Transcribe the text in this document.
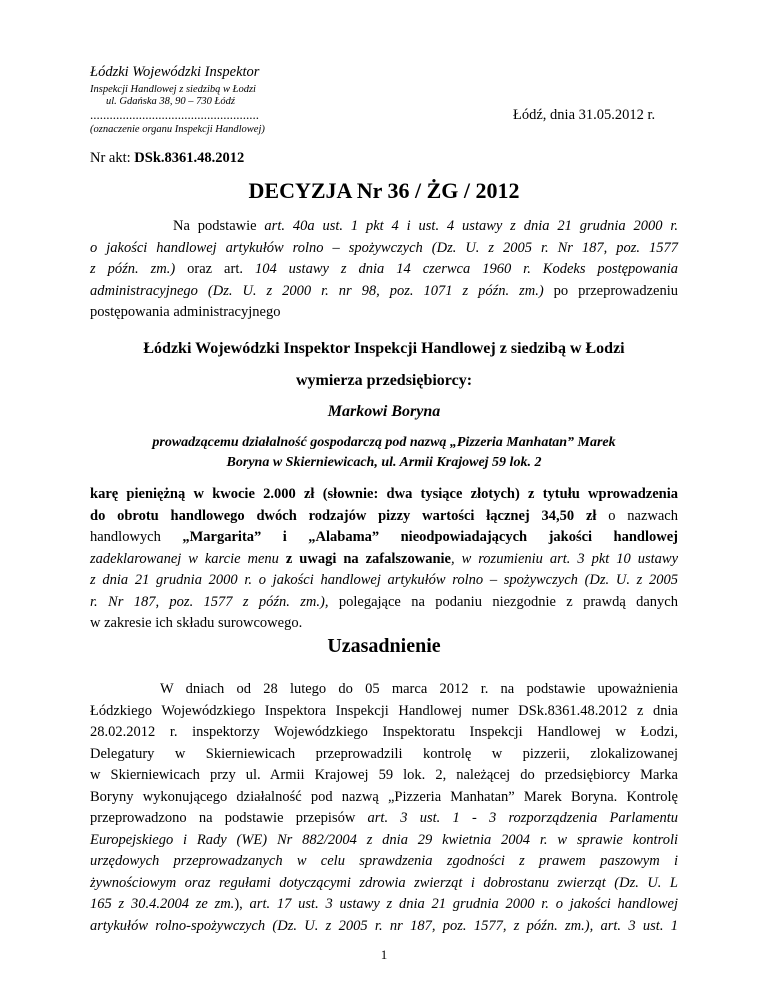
Łódzki Wojewódzki Inspektor
Inspekcji Handlowej z siedzibą w Łodzi
ul. Gdańska 38, 90 – 730 Łódź
....................................................
(oznaczenie organu Inspekcji Handlowej)
Łódź, dnia 31.05.2012 r.
Nr akt: DSk.8361.48.2012
DECYZJA Nr 36 / ŻG / 2012
Na podstawie art. 40a ust. 1 pkt 4 i ust. 4 ustawy z dnia 21 grudnia 2000 r.
o jakości handlowej artykułów rolno – spożywczych (Dz. U. z 2005 r. Nr 187, poz. 1577
z późn. zm.) oraz art. 104 ustawy z dnia 14 czerwca 1960 r. Kodeks postępowania
administracyjnego (Dz. U. z 2000 r. nr 98, poz. 1071 z późn. zm.) po przeprowadzeniu
postępowania administracyjnego
Łódzki Wojewódzki Inspektor Inspekcji Handlowej z siedzibą w Łodzi
wymierza przedsiębiorcy:
Markowi Boryna
prowadzącemu działalność gospodarczą pod nazwą „Pizzeria Manhatan” Marek
Boryna w Skierniewicach, ul. Armii Krajowej 59 lok. 2
karę pieniężną w kwocie 2.000 zł (słownie: dwa tysiące złotych) z tytułu wprowadzenia
do obrotu handlowego dwóch rodzajów pizzy wartości łącznej 34,50 zł o nazwach
handlowych „Margarita” i „Alabama” nieodpowiadających jakości handlowej
zadeklarowanej w karcie menu z uwagi na zafalszowanie, w rozumieniu art. 3 pkt 10 ustawy
z dnia 21 grudnia 2000 r. o jakości handlowej artykułów rolno – spożywczych (Dz. U. z 2005
r. Nr 187, poz. 1577 z późn. zm.), polegające na podaniu niezgodnie z prawdą danych
w zakresie ich składu surowcowego.
Uzasadnienie
W dniach od 28 lutego do 05 marca 2012 r. na podstawie upoważnienia
Łódzkiego Wojewódzkiego Inspektora Inspekcji Handlowej numer DSk.8361.48.2012 z dnia
28.02.2012 r. inspektorzy Wojewódzkiego Inspektoratu Inspekcji Handlowej w Łodzi,
Delegatury w Skierniewicach przeprowadzili kontrolę w pizzerii, zlokalizowanej
w Skierniewicach przy ul. Armii Krajowej 59 lok. 2, należącej do przedsiębiorcy Marka
Boryny wykonującego działalność pod nazwą „Pizzeria Manhatan” Marek Boryna. Kontrolę
przeprowadzono na podstawie przepisów art. 3 ust. 1 - 3 rozporządzenia Parlamentu
Europejskiego i Rady (WE) Nr 882/2004 z dnia 29 kwietnia 2004 r. w sprawie kontroli
urzędowych przeprowadzanych w celu sprawdzenia zgodności z prawem paszowym i
żywnościowym oraz regułami dotyczącymi zdrowia zwierząt i dobrostanu zwierząt (Dz. U. L
165 z 30.4.2004 ze zm.), art. 17 ust. 3 ustawy z dnia 21 grudnia 2000 r. o jakości handlowej
artykułów rolno-spożywczych (Dz. U. z 2005 r. nr 187, poz. 1577, z późn. zm.), art. 3 ust. 1
1
